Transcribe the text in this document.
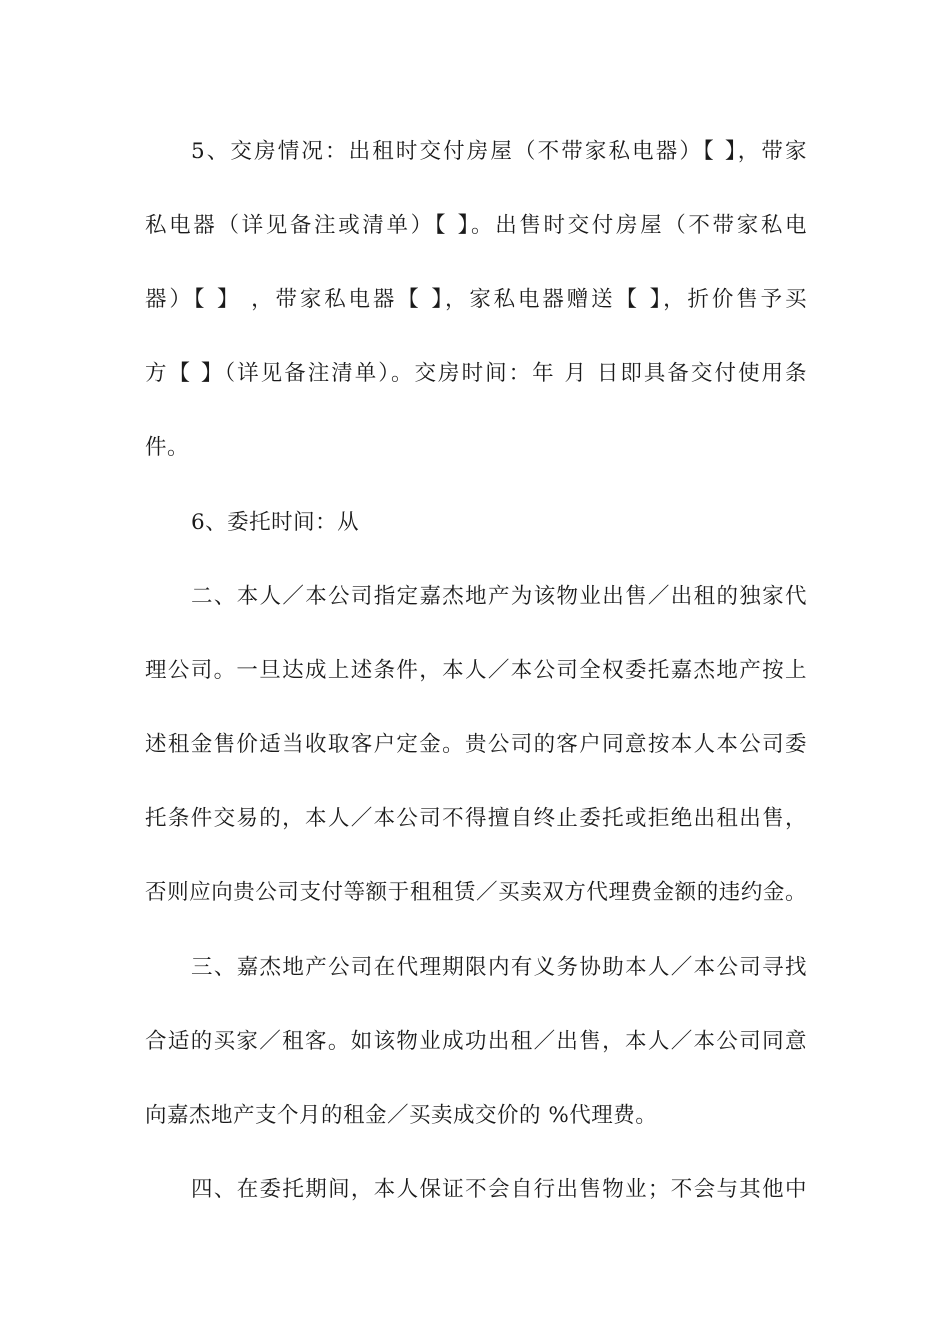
5、交房情况：出租时交付房屋（不带家私电器）【 】，带家
私电器（详见备注或清单）【 】。出售时交付房屋（不带家私电
器）【 】 ，带家私电器【 】，家私电器赠送【 】，折价售予买
方【 】（详见备注清单）。交房时间：年 月 日即具备交付使用条
件。
6、委托时间：从
二、本人／本公司指定嘉杰地产为该物业出售／出租的独家代
理公司。一旦达成上述条件，本人／本公司全权委托嘉杰地产按上
述租金售价适当收取客户定金。贵公司的客户同意按本人本公司委
托条件交易的，本人／本公司不得擅自终止委托或拒绝出租出售，
否则应向贵公司支付等额于租租赁／买卖双方代理费金额的违约金。
三、嘉杰地产公司在代理期限内有义务协助本人／本公司寻找
合适的买家／租客。如该物业成功出租／出售，本人／本公司同意
向嘉杰地产支个月的租金／买卖成交价的 %代理费。
四、在委托期间，本人保证不会自行出售物业；不会与其他中
